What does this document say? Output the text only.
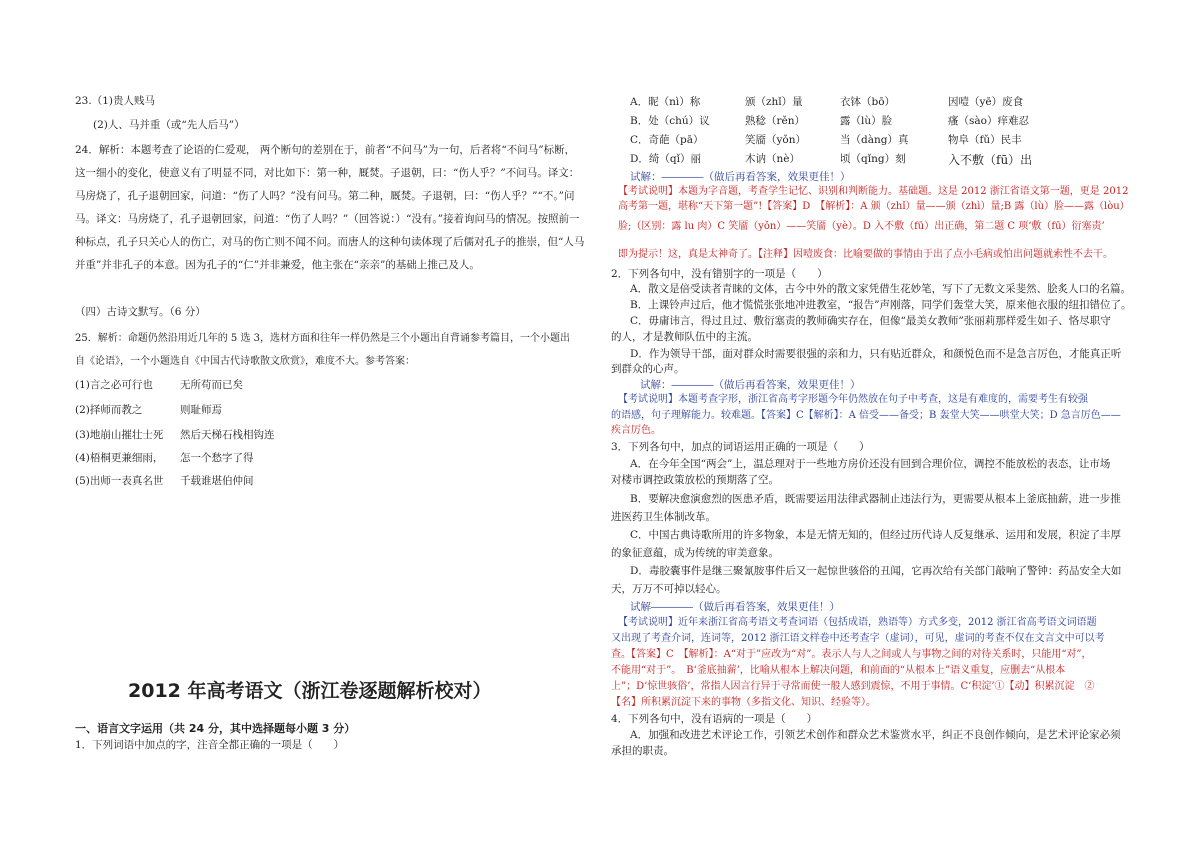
23.（1)贵人贱马
(2)人、马并重（或“先人后马”）
24．解析：本题考查了论语的仁爱观， 两个断句的差别在于，前者“不问马”为一句，后者将“不问马”标断，
这一细小的变化，使意义有了明显不同，对比如下：第一种，厩焚。子退朝，曰：“伤人乎？”不问马。译文：
马房烧了，孔子退朝回家，问道：“伤了人吗？”没有问马。第二种，厩焚。子退朝，曰：“伤人乎？”“不。”问
马。译文：马房烧了，孔子退朝回家，问道：“伤了人吗？”（回答说：）“没有。”接着询问马的情况。按照前一
种标点，孔子只关心人的伤亡，对马的伤亡则不闻不问。而唐人的这种句读体现了后儒对孔子的推崇，但“人马
并重”并非孔子的本意。因为孔子的“仁”并非兼爱，他主张在“亲亲”的基础上推己及人。
（四）古诗文默写。（6 分）
25．解析：命题仍然沿用近几年的 5 选 3，选材方面和往年一样仍然是三个小题出自背诵参考篇目，一个小题出
自《论语》，一个小题选自《中国古代诗歌散文欣赏》，难度不大。参考答案：
(1)言之必可行也	无所苟而已矣
(2)择师而教之	则耻师焉
(3)地崩山摧壮士死 然后天梯石栈相钩连
(4)梧桐更兼细雨， 怎一个愁字了得
(5)出师一表真名世 千载谁堪伯仲间
2012 年高考语文（浙江卷逐题解析校对）
一、语言文字运用（共 24 分，其中选择题每小题 3 分）
1．下列词语中加点的字，注音全都正确的一项是（　　）
A．昵（nì）称	颁（zhǐ）量	衣钵（bō）	因噎（yē）废食
B．处（chú）议	熟稔（rěn）	露（lù）脸	瘙（sào）痒难忍
C．奇葩（pā）	笑靥（yǒn）	当（dàng）真	物阜（fǔ）民丰
D．绮（qǐ）丽	木讷（nè）	顷（qǐng）刻	入不敷（fū）出
试解：――――（做后再看答案，效果更佳！）
【考试说明】本题为字音题，考查学生记忆、识别和判断能力。基础题。这是 2012 浙江省语文第一题，更是 2012
高考第一题，堪称“天下第一题”!【答案】D　【解析】：A 颁（zhǐ）量——颁（zhì）量;B 露（lù）脸——露（lòu）
脸;（区别：露 lu 肉）C 笑靥（yǒn）——笑靥（yè）。D 入不敷（fū）出正确，第二题 C 项‘敷（fū）衍塞责’
即为提示！这，真是太神奇了。【注释】因噎废食：比喻要做的事情由于出了点小毛病或怕出问题就索性不去干。
2．下列各句中，没有错别字的一项是（　　）
A．散文是倍受读者青睐的文体，古今中外的散文家凭借生花妙笔，写下了无数文采斐然、脍炙人口的名篇。
B．上课铃声过后，他才慌慌张张地冲进教室，“报告”声刚落，同学们轰堂大笑，原来他衣服的纽扣错位了。
C．毋庸讳言，得过且过、敷衍塞责的教师确实存在，但像“最美女教师”张丽莉那样爱生如子、恪尽职守
的人，才是教师队伍中的主流。
D．作为领导干部，面对群众时需要很强的亲和力，只有贴近群众，和颜悦色而不是急言厉色，才能真正听
到群众的心声。
试解：――――（做后再看答案，效果更佳！）
【考试说明】本题考查字形，浙江省高考字形题今年仍然放在句子中考查，这是有难度的，需要考生有较强
的语感，句子理解能力。较难题。【答案】C【解析】：A 倍受——备受；B 轰堂大笑——哄堂大笑；D 急言厉色——
疾言厉色。
3．下列各句中，加点的词语运用正确的一项是（　　）
A．在今年全国“两会”上，温总理对于一些地方房价还没有回到合理价位，调控不能放松的表态，让市场
对楼市调控政策放松的预期落了空。
B．要解决愈演愈烈的医患矛盾，既需要运用法律武器制止违法行为，更需要从根本上釜底抽薪，进一步推
进医药卫生体制改革。
C．中国古典诗歌所用的许多物象，本是无情无知的，但经过历代诗人反复继承、运用和发展，积淀了丰厚
的象征意蕴，成为传统的审美意象。
D．毒胶囊事件是继三聚氰胺事件后又一起惊世骇俗的丑闻，它再次给有关部门敲响了警钟：药品安全大如
天，万万不可掉以轻心。
试解――――（做后再看答案，效果更佳！）
【考试说明】近年来浙江省高考语文考查词语（包括成语，熟语等）方式多变，2012 浙江省高考语文词语题
又出现了考查介词，连词等，2012 浙江语文样卷中还考查字（虚词），可见，虚词的考查不仅在文言文中可以考
查。【答案】C　【解析】：A“对于”应改为“对”。表示人与人之间或人与事物之间的对待关系时，只能用“对”，
不能用“对于”。　B‘釜底抽薪’，比喻从根本上解决问题，和前面的“从根本上”语义重复，应删去“从根本
上”；D‘惊世骇俗’，常指人因言行异于寻常而使一般人感到震惊，不用于事情。C‘积淀’①【动】积累沉淀　②
【名】所积累沉淀下来的事物（多指文化、知识、经验等）。
4．下列各句中，没有语病的一项是（　　）
A．加强和改进艺术评论工作，引领艺术创作和群众艺术鉴赏水平，纠正不良创作倾向，是艺术评论家必须
承担的职责。
